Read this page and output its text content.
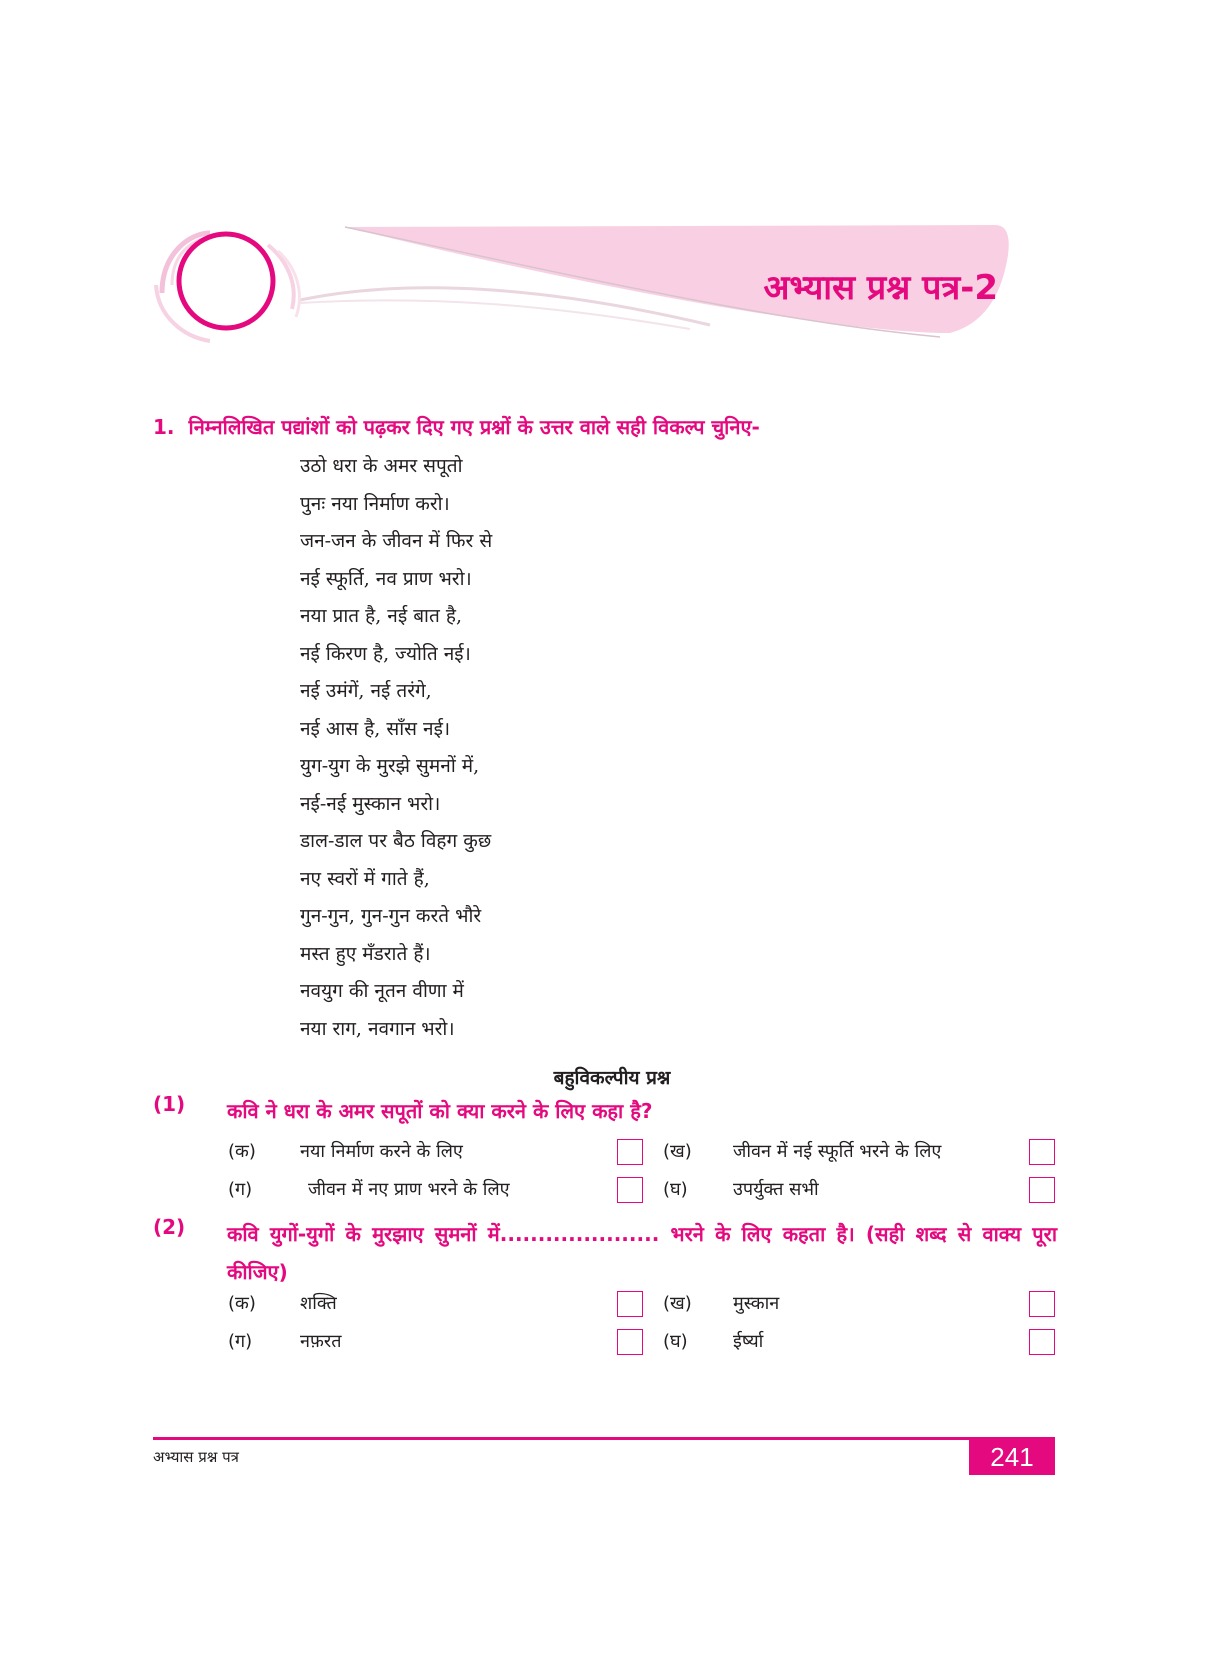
अभ्यास प्रश्न पत्र-2
1. निम्नलिखित पद्यांशों को पढ़कर दिए गए प्रश्नों के उत्तर वाले सही विकल्प चुनिए-
उठो धरा के अमर सपूतो
पुनः नया निर्माण करो।
जन-जन के जीवन में फिर से
नई स्फूर्ति, नव प्राण भरो।
नया प्रात है, नई बात है,
नई किरण है, ज्योति नई।
नई उमंगें, नई तरंगे,
नई आस है, साँस नई।
युग-युग के मुरझे सुमनों में,
नई-नई मुस्कान भरो।
डाल-डाल पर बैठ विहग कुछ
नए स्वरों में गाते हैं,
गुन-गुन, गुन-गुन करते भौरे
मस्त हुए मँडराते हैं।
नवयुग की नूतन वीणा में
नया राग, नवगान भरो।
बहुविकल्पीय प्रश्न
(1)	कवि ने धरा के अमर सपूतों को क्या करने के लिए कहा है?
(क) नया निर्माण करने के लिए	(ख) जीवन में नई स्फूर्ति भरने के लिए
(ग)	जीवन में नए प्राण भरने के लिए	(घ)	उपर्युक्त सभी
(2)	कवि युगों-युगों के मुरझाए सुमनों में..................... भरने के लिए कहता है। (सही शब्द से वाक्य पूरा कीजिए)
(क) शक्ति	(ख) मुस्कान
(ग)	नफ़रत	(घ)	ईर्ष्या
अभ्यास प्रश्न पत्र	241
